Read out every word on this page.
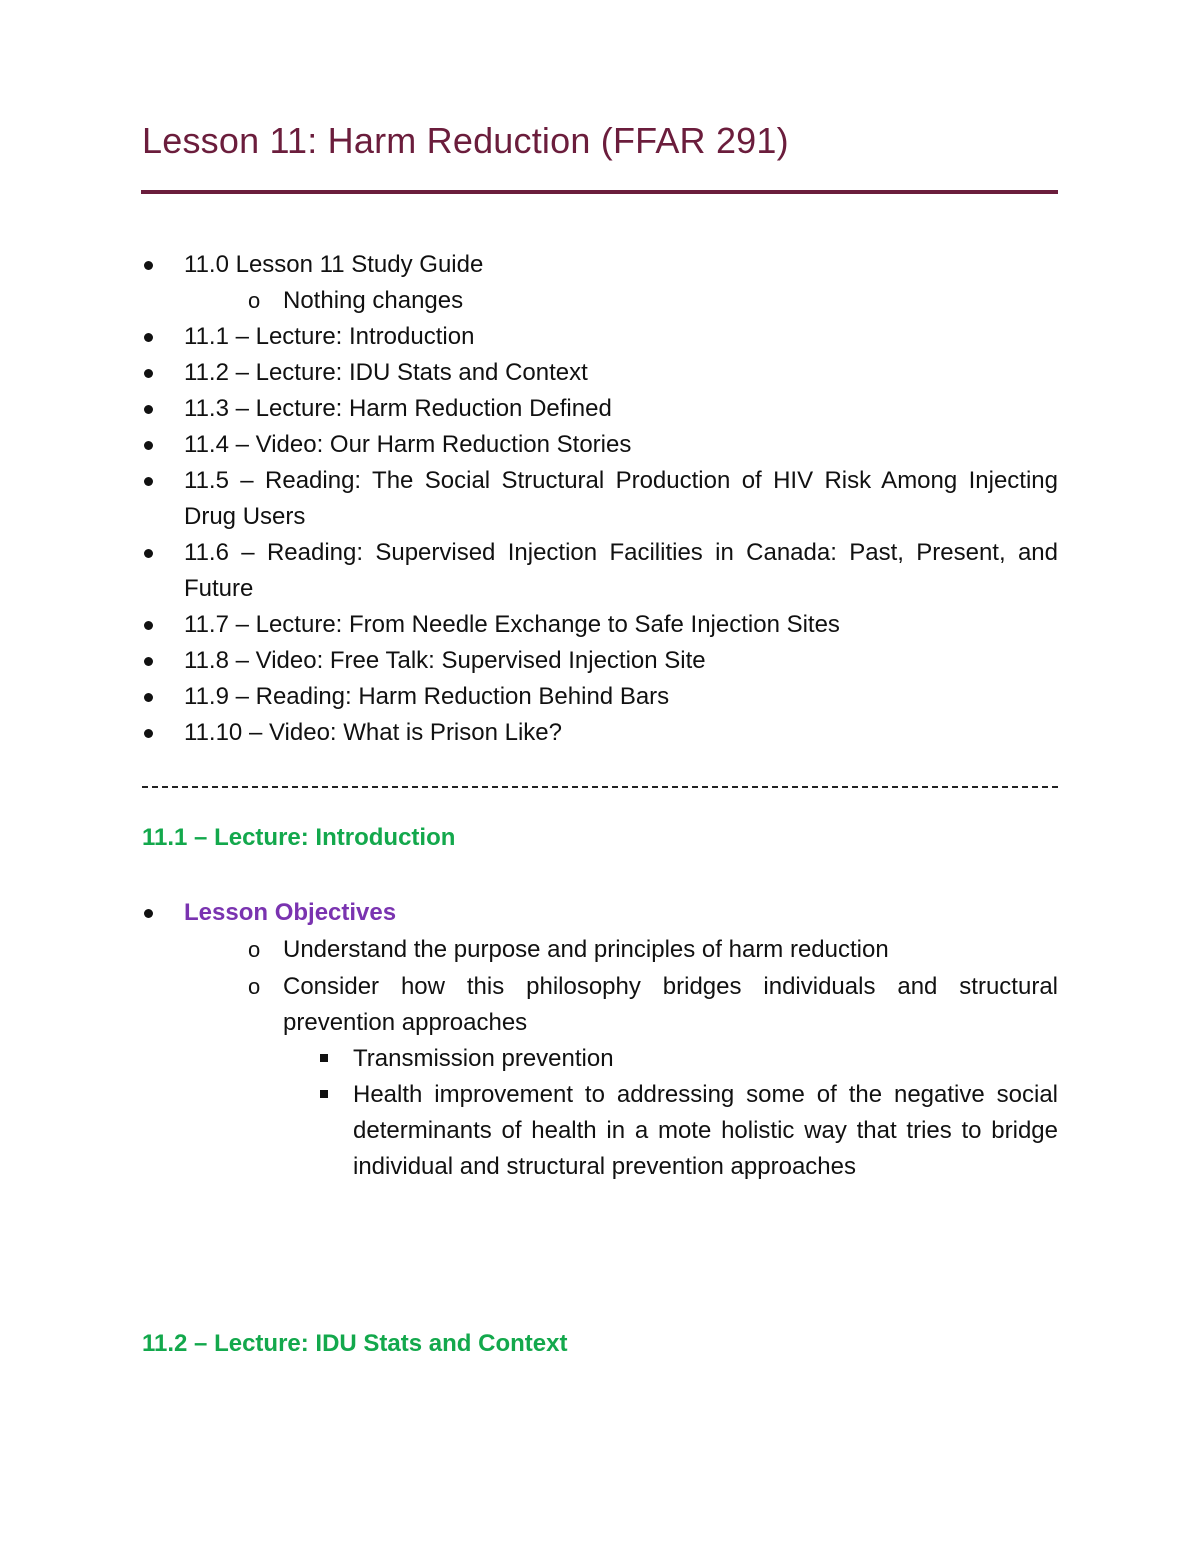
Lesson 11: Harm Reduction (FFAR 291)
11.0 Lesson 11 Study Guide
o Nothing changes
11.1 – Lecture: Introduction
11.2 – Lecture: IDU Stats and Context
11.3 – Lecture: Harm Reduction Defined
11.4 – Video: Our Harm Reduction Stories
11.5 – Reading: The Social Structural Production of HIV Risk Among Injecting Drug Users
11.6 – Reading: Supervised Injection Facilities in Canada: Past, Present, and Future
11.7 – Lecture: From Needle Exchange to Safe Injection Sites
11.8 – Video: Free Talk: Supervised Injection Site
11.9 – Reading: Harm Reduction Behind Bars
11.10 – Video: What is Prison Like?
11.1 – Lecture: Introduction
Lesson Objectives
o Understand the purpose and principles of harm reduction
o Consider how this philosophy bridges individuals and structural prevention approaches
Transmission prevention
Health improvement to addressing some of the negative social determinants of health in a mote holistic way that tries to bridge individual and structural prevention approaches
11.2 – Lecture: IDU Stats and Context
